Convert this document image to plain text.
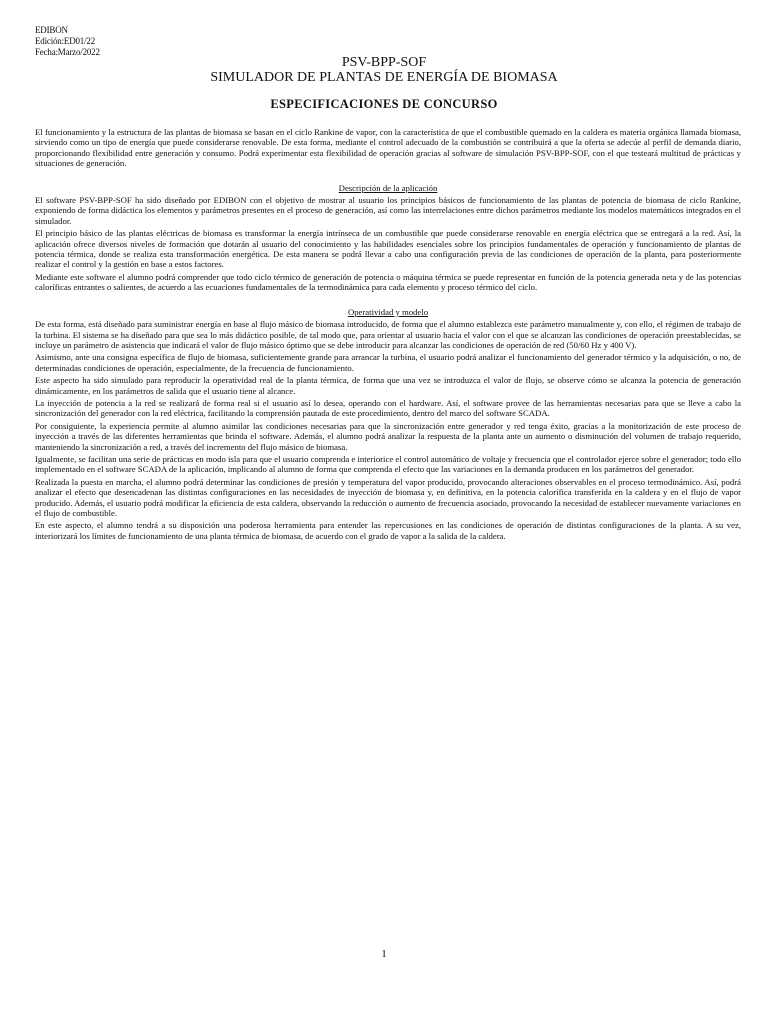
EDIBON
Edición:ED01/22
Fecha:Marzo/2022
PSV-BPP-SOF
SIMULADOR DE PLANTAS DE ENERGÍA DE BIOMASA
ESPECIFICACIONES DE CONCURSO

El funcionamiento y la estructura de las plantas de biomasa se basan en el ciclo Rankine de vapor, con la característica de que el combustible quemado en la caldera es materia orgánica llamada biomasa, sirviendo como un tipo de energía que puede considerarse renovable. De esta forma, mediante el control adecuado de la combustión se contribuirá a que la oferta se adecúe al perfil de demanda diario, proporcionando flexibilidad entre generación y consumo. Podrá experimentar esta flexibilidad de operación gracias al software de simulación PSV-BPP-SOF, con el que testeará multitud de prácticas y situaciones de generación.

Descripción de la aplicación

El software PSV-BPP-SOF ha sido diseñado por EDIBON con el objetivo de mostrar al usuario los principios básicos de funcionamiento de las plantas de potencia de biomasa de ciclo Rankine, exponiendo de forma didáctica los elementos y parámetros presentes en el proceso de generación, así como las interrelaciones entre dichos parámetros mediante los modelos matemáticos integrados en el simulador.

El principio básico de las plantas eléctricas de biomasa es transformar la energía intrínseca de un combustible que puede considerarse renovable en energía eléctrica que se entregará a la red. Así, la aplicación ofrece diversos niveles de formación que dotarán al usuario del conocimiento y las habilidades esenciales sobre los principios fundamentales de operación y funcionamiento de plantas de potencia térmica, donde se realiza esta transformación energética. De esta manera se podrá llevar a cabo una configuración previa de las condiciones de operación de la planta, para posteriormente realizar el control y la gestión en base a estos factores.

Mediante este software el alumno podrá comprender que todo ciclo térmico de generación de potencia o máquina térmica se puede representar en función de la potencia generada neta y de las potencias caloríficas entrantes o salientes, de acuerdo a las ecuaciones fundamentales de la termodinámica para cada elemento y proceso térmico del ciclo.

Operatividad y modelo

De esta forma, está diseñado para suministrar energía en base al flujo másico de biomasa introducido, de forma que el alumno establezca este parámetro manualmente y, con ello, el régimen de trabajo de la turbina. El sistema se ha diseñado para que sea lo más didáctico posible, de tal modo que, para orientar al usuario hacia el valor con el que se alcanzan las condiciones de operación preestablecidas, se incluye un parámetro de asistencia que indicará el valor de flujo másico óptimo que se debe introducir para alcanzar las condiciones de operación de red (50/60 Hz y 400 V).

Asimismo, ante una consigna específica de flujo de biomasa, suficientemente grande para arrancar la turbina, el usuario podrá analizar el funcionamiento del generador térmico y la adquisición, o no, de determinadas condiciones de operación, especialmente, de la frecuencia de funcionamiento.

Este aspecto ha sido simulado para reproducir la operatividad real de la planta térmica, de forma que una vez se introduzca el valor de flujo, se observe cómo se alcanza la potencia de generación dinámicamente, en los parámetros de salida que el usuario tiene al alcance.

La inyección de potencia a la red se realizará de forma real si el usuario así lo desea, operando con el hardware. Así, el software provee de las herramientas necesarias para que se lleve a cabo la sincronización del generador con la red eléctrica, facilitando la comprensión pautada de este procedimiento, dentro del marco del software SCADA.

Por consiguiente, la experiencia permite al alumno asimilar las condiciones necesarias para que la sincronización entre generador y red tenga éxito, gracias a la monitorización de este proceso de inyección a través de las diferentes herramientas que brinda el software. Además, el alumno podrá analizar la respuesta de la planta ante un aumento o disminución del volumen de trabajo requerido, manteniendo la sincronización a red, a través del incremento del flujo másico de biomasa.

Igualmente, se facilitan una serie de prácticas en modo isla para que el usuario comprenda e interiorice el control automático de voltaje y frecuencia que el controlador ejerce sobre el generador; todo ello implementado en el software SCADA de la aplicación, implicando al alumno de forma que comprenda el efecto que las variaciones en la demanda producen en los parámetros del generador.

Realizada la puesta en marcha, el alumno podrá determinar las condiciones de presión y temperatura del vapor producido, provocando alteraciones observables en el proceso termodinámico. Así, podrá analizar el efecto que desencadenan las distintas configuraciones en las necesidades de inyección de biomasa y, en definitiva, en la potencia calorífica transferida en la caldera y en el flujo de vapor producido. Además, el usuario podrá modificar la eficiencia de esta caldera, observando la reducción o aumento de frecuencia asociado, provocando la necesidad de establecer nuevamente variaciones en el flujo de combustible.

En este aspecto, el alumno tendrá a su disposición una poderosa herramienta para entender las repercusiones en las condiciones de operación de distintas configuraciones de la planta. A su vez, interiorizará los límites de funcionamiento de una planta térmica de biomasa, de acuerdo con el grado de vapor a la salida de la caldera.

1
